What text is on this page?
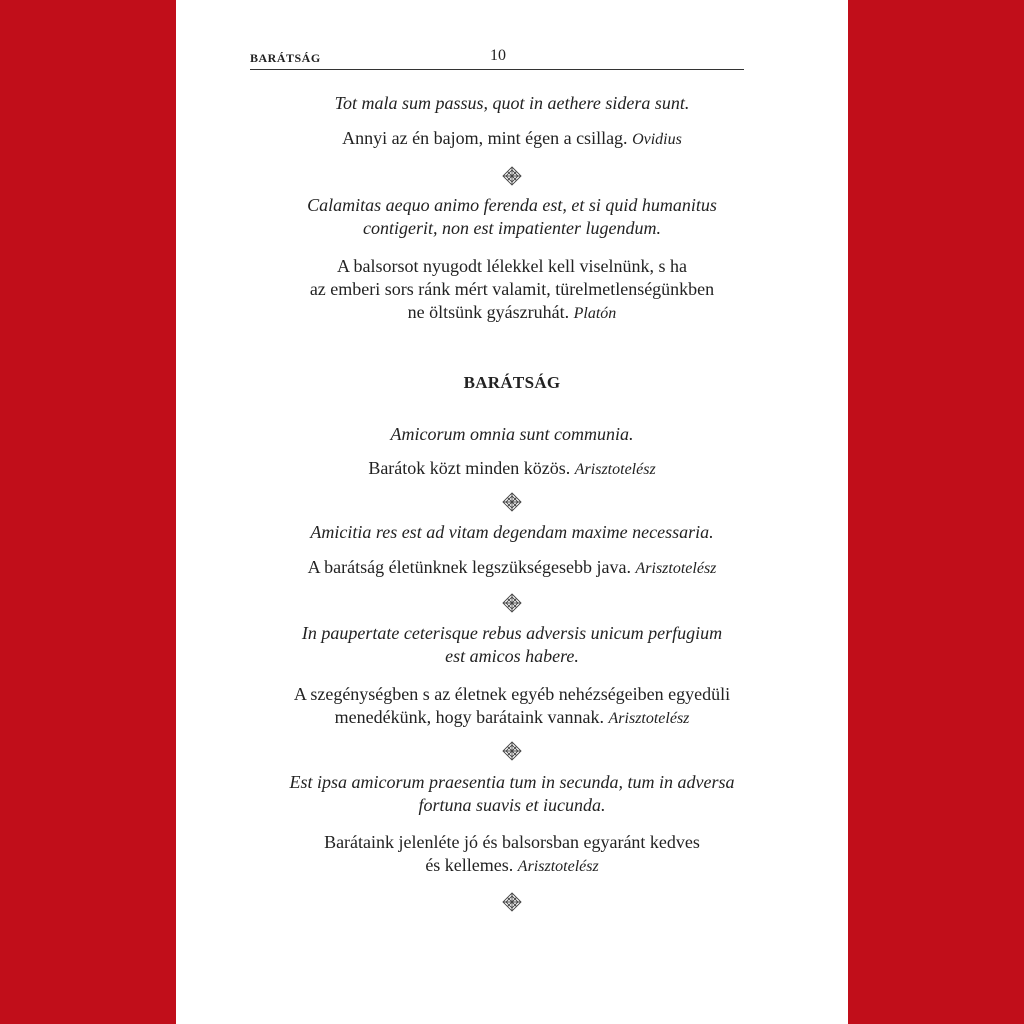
BARÁTSÁG	10
Tot mala sum passus, quot in aethere sidera sunt.
Annyi az én bajom, mint égen a csillag. Ovidius
Calamitas aequo animo ferenda est, et si quid humanitus
contigerit, non est impatienter lugendum.
A balsorsot nyugodt lélekkel kell viselnünk, s ha
az emberi sors ránk mért valamit, türelmetlenségünkben
ne öltsünk gyászruhát. Platón
BARÁTSÁG
Amicorum omnia sunt communia.
Barátok közt minden közös. Arisztotelész
Amicitia res est ad vitam degendam maxime necessaria.
A barátság életünknek legszükségesebb java. Arisztotelész
In paupertate ceterisque rebus adversis unicum perfugium
est amicos habere.
A szegénységben s az életnek egyéb nehézségeiben egyedüli
menedékünk, hogy barátaink vannak. Arisztotelész
Est ipsa amicorum praesentia tum in secunda, tum in adversa
fortuna suavis et iucunda.
Barátaink jelenléte jó és balsorsban egyaránt kedves
és kellemes. Arisztotelész
